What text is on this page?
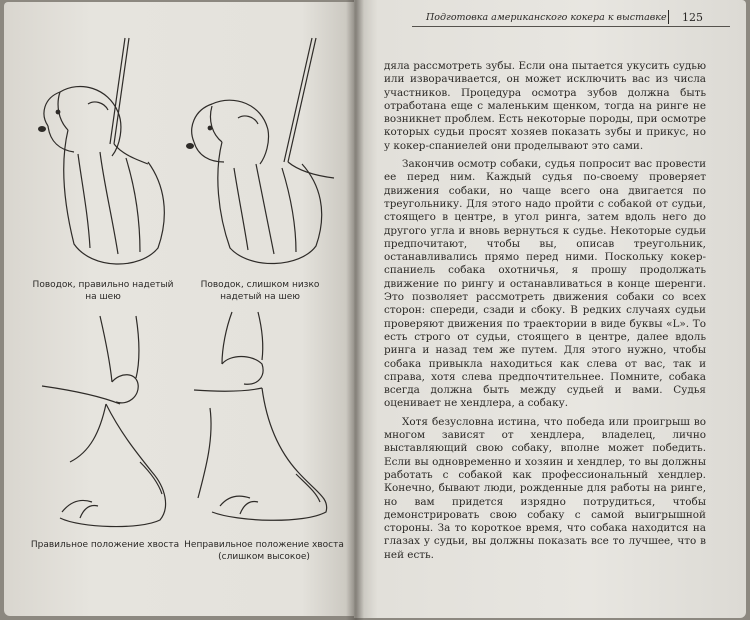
Поводок, правильно надетый на шею
Поводок, слишком низко надетый на шею
Правильное положение хвоста Неправильное положение хвоста (слишком высокое)
Подготовка американского кокера к выставке 125

дяла рассмотреть зубы. Если она пытается укусить судью или изворачивается, он может исключить вас из числа участников. Процедура осмотра зубов должна быть отработана еще с маленьким щенком, тогда на ринге не возникнет проблем. Есть некоторые породы, при осмотре которых судьи просят хозяев показать зубы и прикус, но у кокер-спаниелей они проделывают это сами.

Закончив осмотр собаки, судья попросит вас провести ее перед ним. Каждый судья по-своему проверяет движения собаки, но чаще всего она двигается по треугольнику. Для этого надо пройти с собакой от судьи, стоящего в центре, в угол ринга, затем вдоль него до другого угла и вновь вернуться к судье. Некоторые судьи предпочитают, чтобы вы, описав треугольник, останавливались прямо перед ними. Поскольку кокер-спаниель собака охотничья, я прошу продолжать движение по рингу и останавливаться в конце шеренги. Это позволяет рассмотреть движения собаки со всех сторон: спереди, сзади и сбоку. В редких случаях судьи проверяют движения по траектории в виде буквы «L». То есть строго от судьи, стоящего в центре, далее вдоль ринга и назад тем же путем. Для этого нужно, чтобы собака привыкла находиться как слева от вас, так и справа, хотя слева предпочтительнее. Помните, собака всегда должна быть между судьей и вами. Судья оценивает не хендлера, а собаку.

Хотя безусловна истина, что победа или проигрыш во многом зависят от хендлера, владелец, лично выставляющий свою собаку, вполне может победить. Если вы одновременно и хозяин и хендлер, то вы должны работать с собакой как профессиональный хендлер. Конечно, бывают люди, рожденные для работы на ринге, но вам придется изрядно потрудиться, чтобы демонстрировать свою собаку с самой выигрышной стороны. За то короткое время, что собака находится на глазах у судьи, вы должны показать все то лучшее, что в ней есть.
